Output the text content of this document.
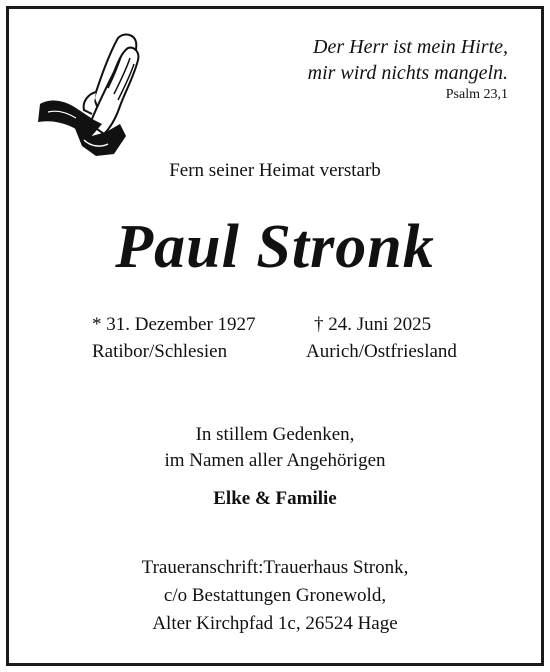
Der Herr ist mein Hirte,
mir wird nichts mangeln.
Psalm 23,1
Fern seiner Heimat verstarb
Paul Stronk
* 31. Dezember 1927	† 24. Juni 2025
Ratibor/Schlesien	Aurich/Ostfriesland
In stillem Gedenken,
im Namen aller Angehörigen
Elke & Familie
Traueranschrift:Trauerhaus Stronk,
c/o Bestattungen Gronewold,
Alter Kirchpfad 1c, 26524 Hage
